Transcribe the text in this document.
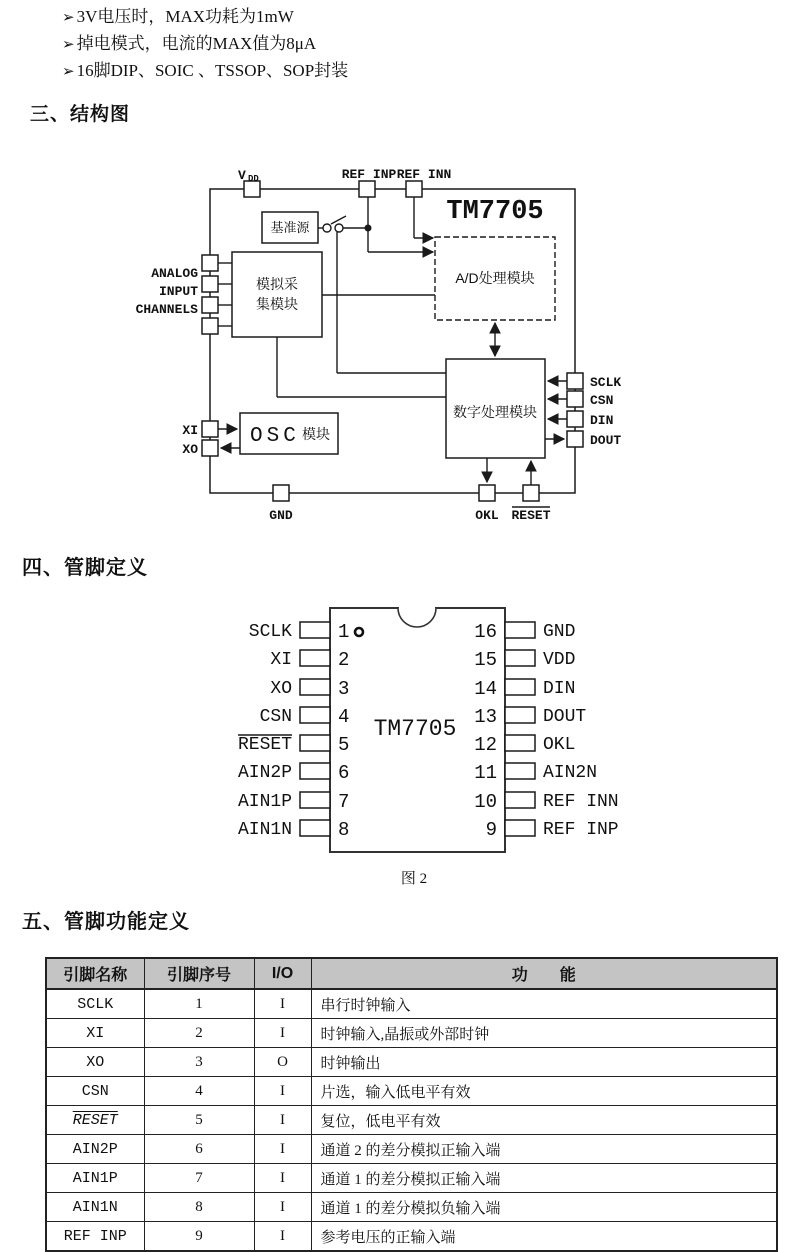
➢ 3V电压时，MAX功耗为1mW
➢ 掉电模式，电流的MAX值为8μA
➢ 16脚DIP、SOIC 、TSSOP、SOP封装
三、结构图
V DD	REF INP REF INN
TM7705
基准源
模拟采
集模块
A/D处理模块
数字处理模块
OSC 模块
ANALOG
INPUT
CHANNELS
XI
XO
GND	OKL RESET
SCLK
CSN
DIN
DOUT
四、管脚定义
1
2
3
4
5
6
7
8
16
15
14
13
12
11
10
9
SCLK
XI
XO
CSN
RESET
AIN2P
AIN1P
AIN1N
GND
VDD
DIN
DOUT
OKL
AIN2N
REF INN
REF INP
TM7705
图 2
五、管脚功能定义
引脚名称	引脚序号	I/O	功　　能
SCLK	1	I	串行时钟输入
XI	2	I	时钟输入,晶振或外部时钟
XO	3	O	时钟输出
CSN	4	I	片选，输入低电平有效
RESET	5	I	复位，低电平有效
AIN2P	6	I	通道 2 的差分模拟正输入端
AIN1P	7	I	通道 1 的差分模拟正输入端
AIN1N	8	I	通道 1 的差分模拟负输入端
REF INP	9	I	参考电压的正输入端
